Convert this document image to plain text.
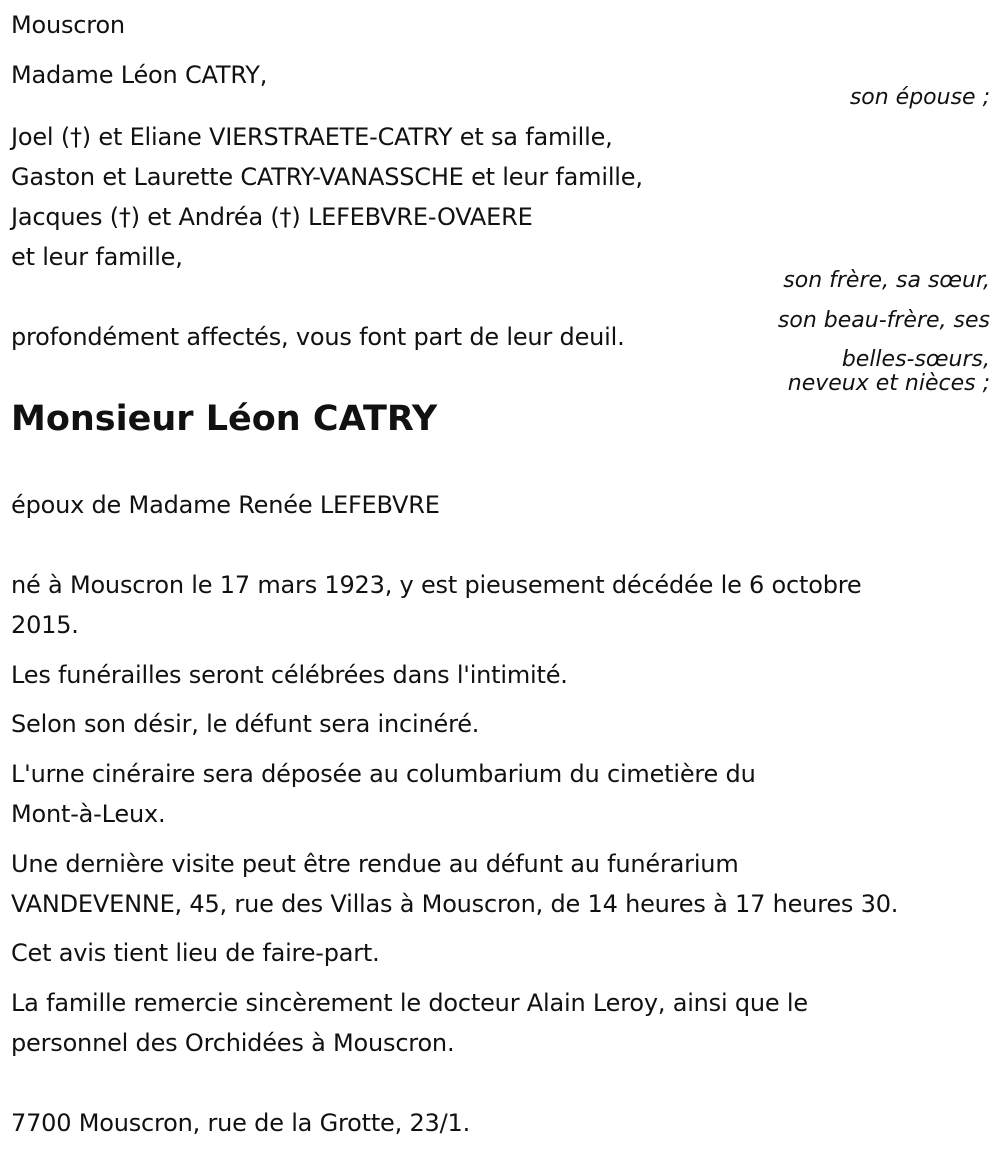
Mouscron
Madame Léon CATRY,
son épouse ;
Joel (†) et Eliane VIERSTRAETE-CATRY et sa famille,
Gaston et Laurette CATRY-VANASSCHE et leur famille,
Jacques (†) et Andréa (†) LEFEBVRE-OVAERE
et leur famille,
son frère, sa sœur,
son beau-frère, ses
belles-sœurs,
neveux et nièces ;
profondément affectés, vous font part de leur deuil.
Monsieur Léon CATRY
époux de Madame Renée LEFEBVRE
né à Mouscron le 17 mars 1923, y est pieusement décédée le 6 octobre
2015.
Les funérailles seront célébrées dans l'intimité.
Selon son désir, le défunt sera incinéré.
L'urne cinéraire sera déposée au columbarium du cimetière du
Mont-à-Leux.
Une dernière visite peut être rendue au défunt au funérarium
VANDEVENNE, 45, rue des Villas à Mouscron, de 14 heures à 17 heures 30.
Cet avis tient lieu de faire-part.
La famille remercie sincèrement le docteur Alain Leroy, ainsi que le
personnel des Orchidées à Mouscron.
7700 Mouscron, rue de la Grotte, 23/1.
